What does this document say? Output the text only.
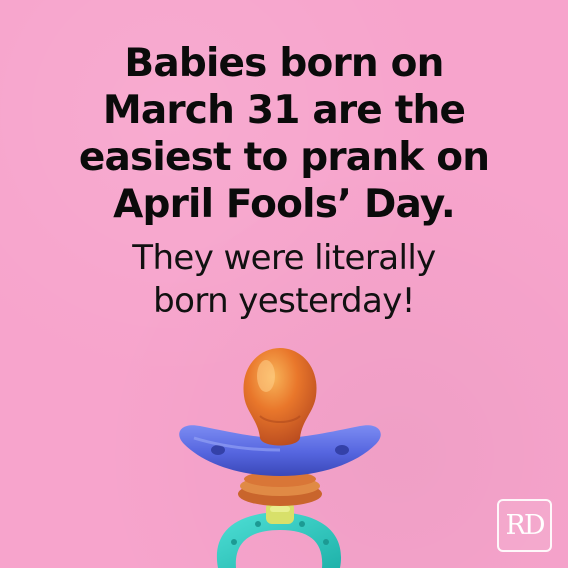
Babies born on
March 31 are the
easiest to prank on
April Fools’ Day.
They were literally
born yesterday!
RD
